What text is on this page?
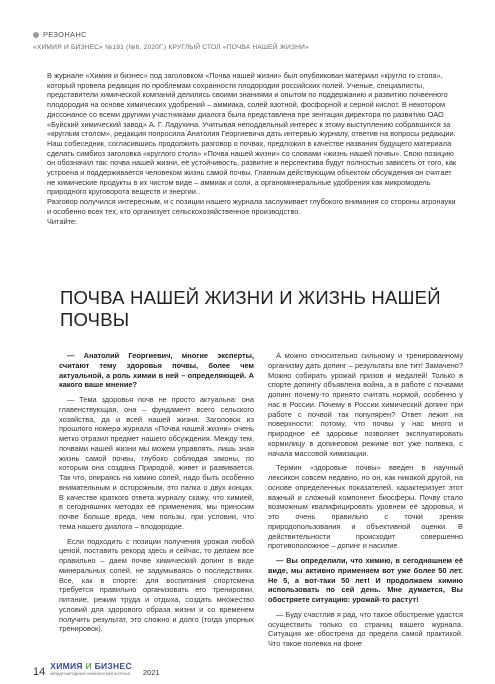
РЕЗОНАНС
«ХИМИЯ И БИЗНЕС» №191 (№6, 2020Г.) КРУГЛЫЙ СТОЛ «ПОЧВА НАШЕЙ ЖИЗНИ»

В журнале «Химия и бизнес» под заголовком «Почва нашей жизни» был опубликован материал «кругло го стола», который провела редакция по проблемам сохранности плодородия российских полей. Ученые, специалисты, представители химической компаний делились своими знаниями и опытом по поддержанию и развитию почвенного плодородия на основе химических удобрений – аммиака, солей азотной, фосфорной и серной кислот. В некотором диссонансе со всеми другими участниками диалога была представлена пре зентация директора по развитию ОАО «Буйский химический завод» А. Г. Ладухина. Учитывая неподдельный интерес к этому выступлению собравшихся за «круглым столом», редакция попросила Анатолия Георгиевича дать интервью журналу, ответив на вопросы редакции.

Наш собеседник, согласившись продолжить разговор о почвах, предложил в качестве названия будущего материала сделать симбиоз заголовка «круглого стола» «Почва нашей жизни» со словами «жизнь нашей почвы». Свою позицию он обозначил так: почва нашей жизни, её устойчивость, развитие и перспектива будут полностью зависеть от того, как устроена и поддерживается человеком жизнь самой почвы. Главным действующим объектом обсуждения он считает не химические продукты в их чистом виде – аммиак и соли, а органоминеральные удобрения как микромодель природного круговорота веществ и энергии..

Разговор получился интересным, и с позиции нашего журнала заслуживает глубокого внимания со стороны агронауки и особенно всех тех, кто организует сельскохозяйственное производство.

Читайте:

ПОЧВА НАШЕЙ ЖИЗНИ И ЖИЗНЬ НАШЕЙ ПОЧВЫ

— Анатолий Георгиевич, многие эксперты, считают тему здоровья почвы, более чем актуальной, а роль химии в ней – определяющей. А какого ваше мнение?

— Тема здоровья почв не просто актуальна: она главенствующая, она – фундамент всего сельского хозяйства, да и всей нашей жизни. Заголовок из прошлого номера журнала «Почва нашей жизни» очень метко отразил предмет нашего обсуждения. Между тем, почвами нашей жизни мы можем управлять, лишь зная жизнь самой почвы, глубоко соблюдая законы, по которым она создана Природой, живет и развивается. Так что, опираясь на химию солей, надо быть особенно внимательным и осторожным, это палка о двух концах. В качестве краткого ответа журналу скажу, что химией, в сегодняшних методах её применения, мы приносим почве больше вреда, чем пользы, при условии, что тема нашего диалога – плодородие.

Если подходить с позиции получения урожая любой ценой, поставить рекорд здесь и сейчас, то делаем все правильно – даем почве химический допинг в виде минеральных солей, не задумываясь о последствиях. Все, как в спорте: для воспитания спортсмена требуется правильно организовать его тренировки, питание, режим труда и отдыха, создать множество условий для здорового образа жизни и со временем получить результат, это сложно и долго (тогда упорных тренировок).

А можно относительно сильному и тренированному организму дать допинг – результаты вле тит! Замачено? Можно собирать урожай призов и медалей! Только в спорте допингу объявлена война, а в работе с почвами допинг почему-то принято считать нормой, особенно у нас в России. Почему в России химический допинг при работе с почвой так популярен? Ответ лежит на поверхности: потому, что почвы у нас много и природное её здоровье позволяет эксплуатировать кормилицу в допинговом режиме вот уже полвека, с начала массовой химизации.

Термин «здоровые почвы» введен в научный лексикон совсем недавно, но он, как никакой другой, на основе определенных показателей, характеризует этот важный и сложный компонент биосферы. Почву стало возможным квалифицировать уровнем её здоровья, и это очень правильно с точки зрения природопользования и объективной оценки. В действительности происходит совершенно противоположное – допинг и насилие.

— Вы определили, что химию, в сегодняшнем её виде, мы активно применяем вот уже более 50 лет. Не 5, а вот-таки 50 лет! И продолжаем химию использовать по сей день. Мне думается, Вы обостряете ситуацию: урожай-то растут!

— Буду счастлив я рад, что такое обострение удастся осуществить только со страниц вашего журнала. Ситуация же обострена до предела самой практикой. Что такое полевка на фоне

14 ХИМИЯ И БИЗНЕС
МЕЖДУНАРОДНЫЙ ХИМИЧЕСКИЙ ЖУРНАЛ 2021
